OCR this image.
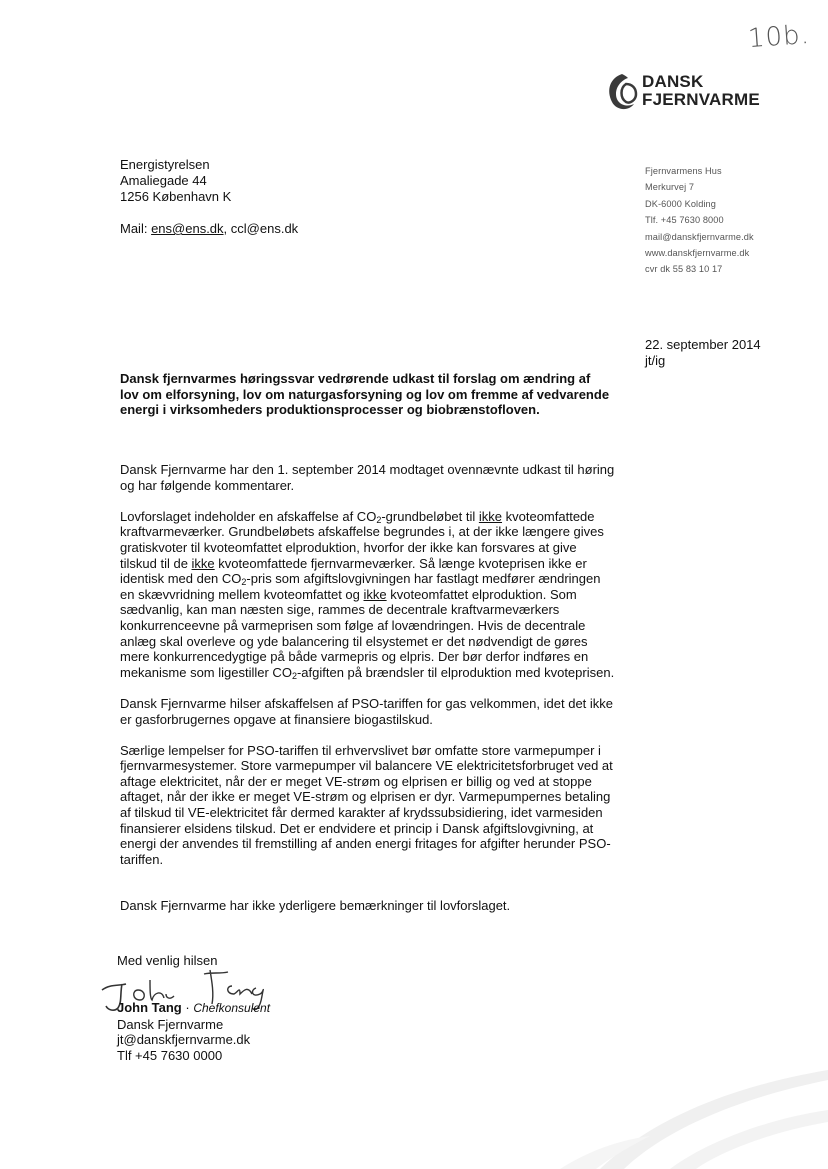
10b.
DANSK
FJERNVARME
Energistyrelsen
Amaliegade 44
1256 København K
Mail: ens@ens.dk, ccl@ens.dk
Fjernvarmens Hus
Merkurvej 7
DK-6000 Kolding
Tlf. +45 7630 8000
mail@danskfjernvarme.dk
www.danskfjernvarme.dk
cvr dk 55 83 10 17
22. september 2014
jt/ig
Dansk fjernvarmes høringssvar vedrørende udkast til forslag om ændring af lov om elforsyning, lov om naturgasforsyning og lov om fremme af vedvarende energi i virksomheders produktionsprocesser og biobrænstofloven.

Dansk Fjernvarme har den 1. september 2014 modtaget ovennævnte udkast til høring og har følgende kommentarer.

Lovforslaget indeholder en afskaffelse af $CO_2$-grundbeløbet til ikke kvoteomfattede kraftvarmeværker. Grundbeløbets afskaffelse begrundes i, at der ikke længere gives gratiskvoter til kvoteomfattet elproduktion, hvorfor der ikke kan forsvares at give tilskud til de ikke kvoteomfattede fjernvarmeværker. Så længe kvoteprisen ikke er identisk med den $CO_2$-pris som afgiftslovgivningen har fastlagt medfører ændringen en skævvridning mellem kvoteomfattet og ikke kvoteomfattet elproduktion. Som sædvanlig, kan man næsten sige, rammes de decentrale kraftvarmeværkers konkurrenceevne på varmeprisen som følge af lovændringen. Hvis de decentrale anlæg skal overleve og yde balancering til elsystemet er det nødvendigt de gøres mere konkurrencedygtige på både varmepris og elpris. Der bør derfor indføres en mekanisme som ligestiller $CO_2$-afgiften på brændsler til elproduktion med kvoteprisen.

Dansk Fjernvarme hilser afskaffelsen af PSO-tariffen for gas velkommen, idet det ikke er gasforbrugernes opgave at finansiere biogastilskud.

Særlige lempelser for PSO-tariffen til erhvervslivet bør omfatte store varmepumper i fjernvarmesystemer. Store varmepumper vil balancere VE elektricitetsforbruget ved at aftage elektricitet, når der er meget VE-strøm og elprisen er billig og ved at stoppe aftaget, når der ikke er meget VE-strøm og elprisen er dyr. Varmepumpernes betaling af tilskud til VE-elektricitet får dermed karakter af krydssubsidiering, idet varmesiden finansierer elsidens tilskud. Det er endvidere et princip i Dansk afgiftslovgivning, at energi der anvendes til fremstilling af anden energi fritages for afgifter herunder PSO-tariffen.

Dansk Fjernvarme har ikke yderligere bemærkninger til lovforslaget.

Med venlig hilsen
John Tang · Chefkonsulent
Dansk Fjernvarme
jt@danskfjernvarme.dk
Tlf +45 7630 0000
